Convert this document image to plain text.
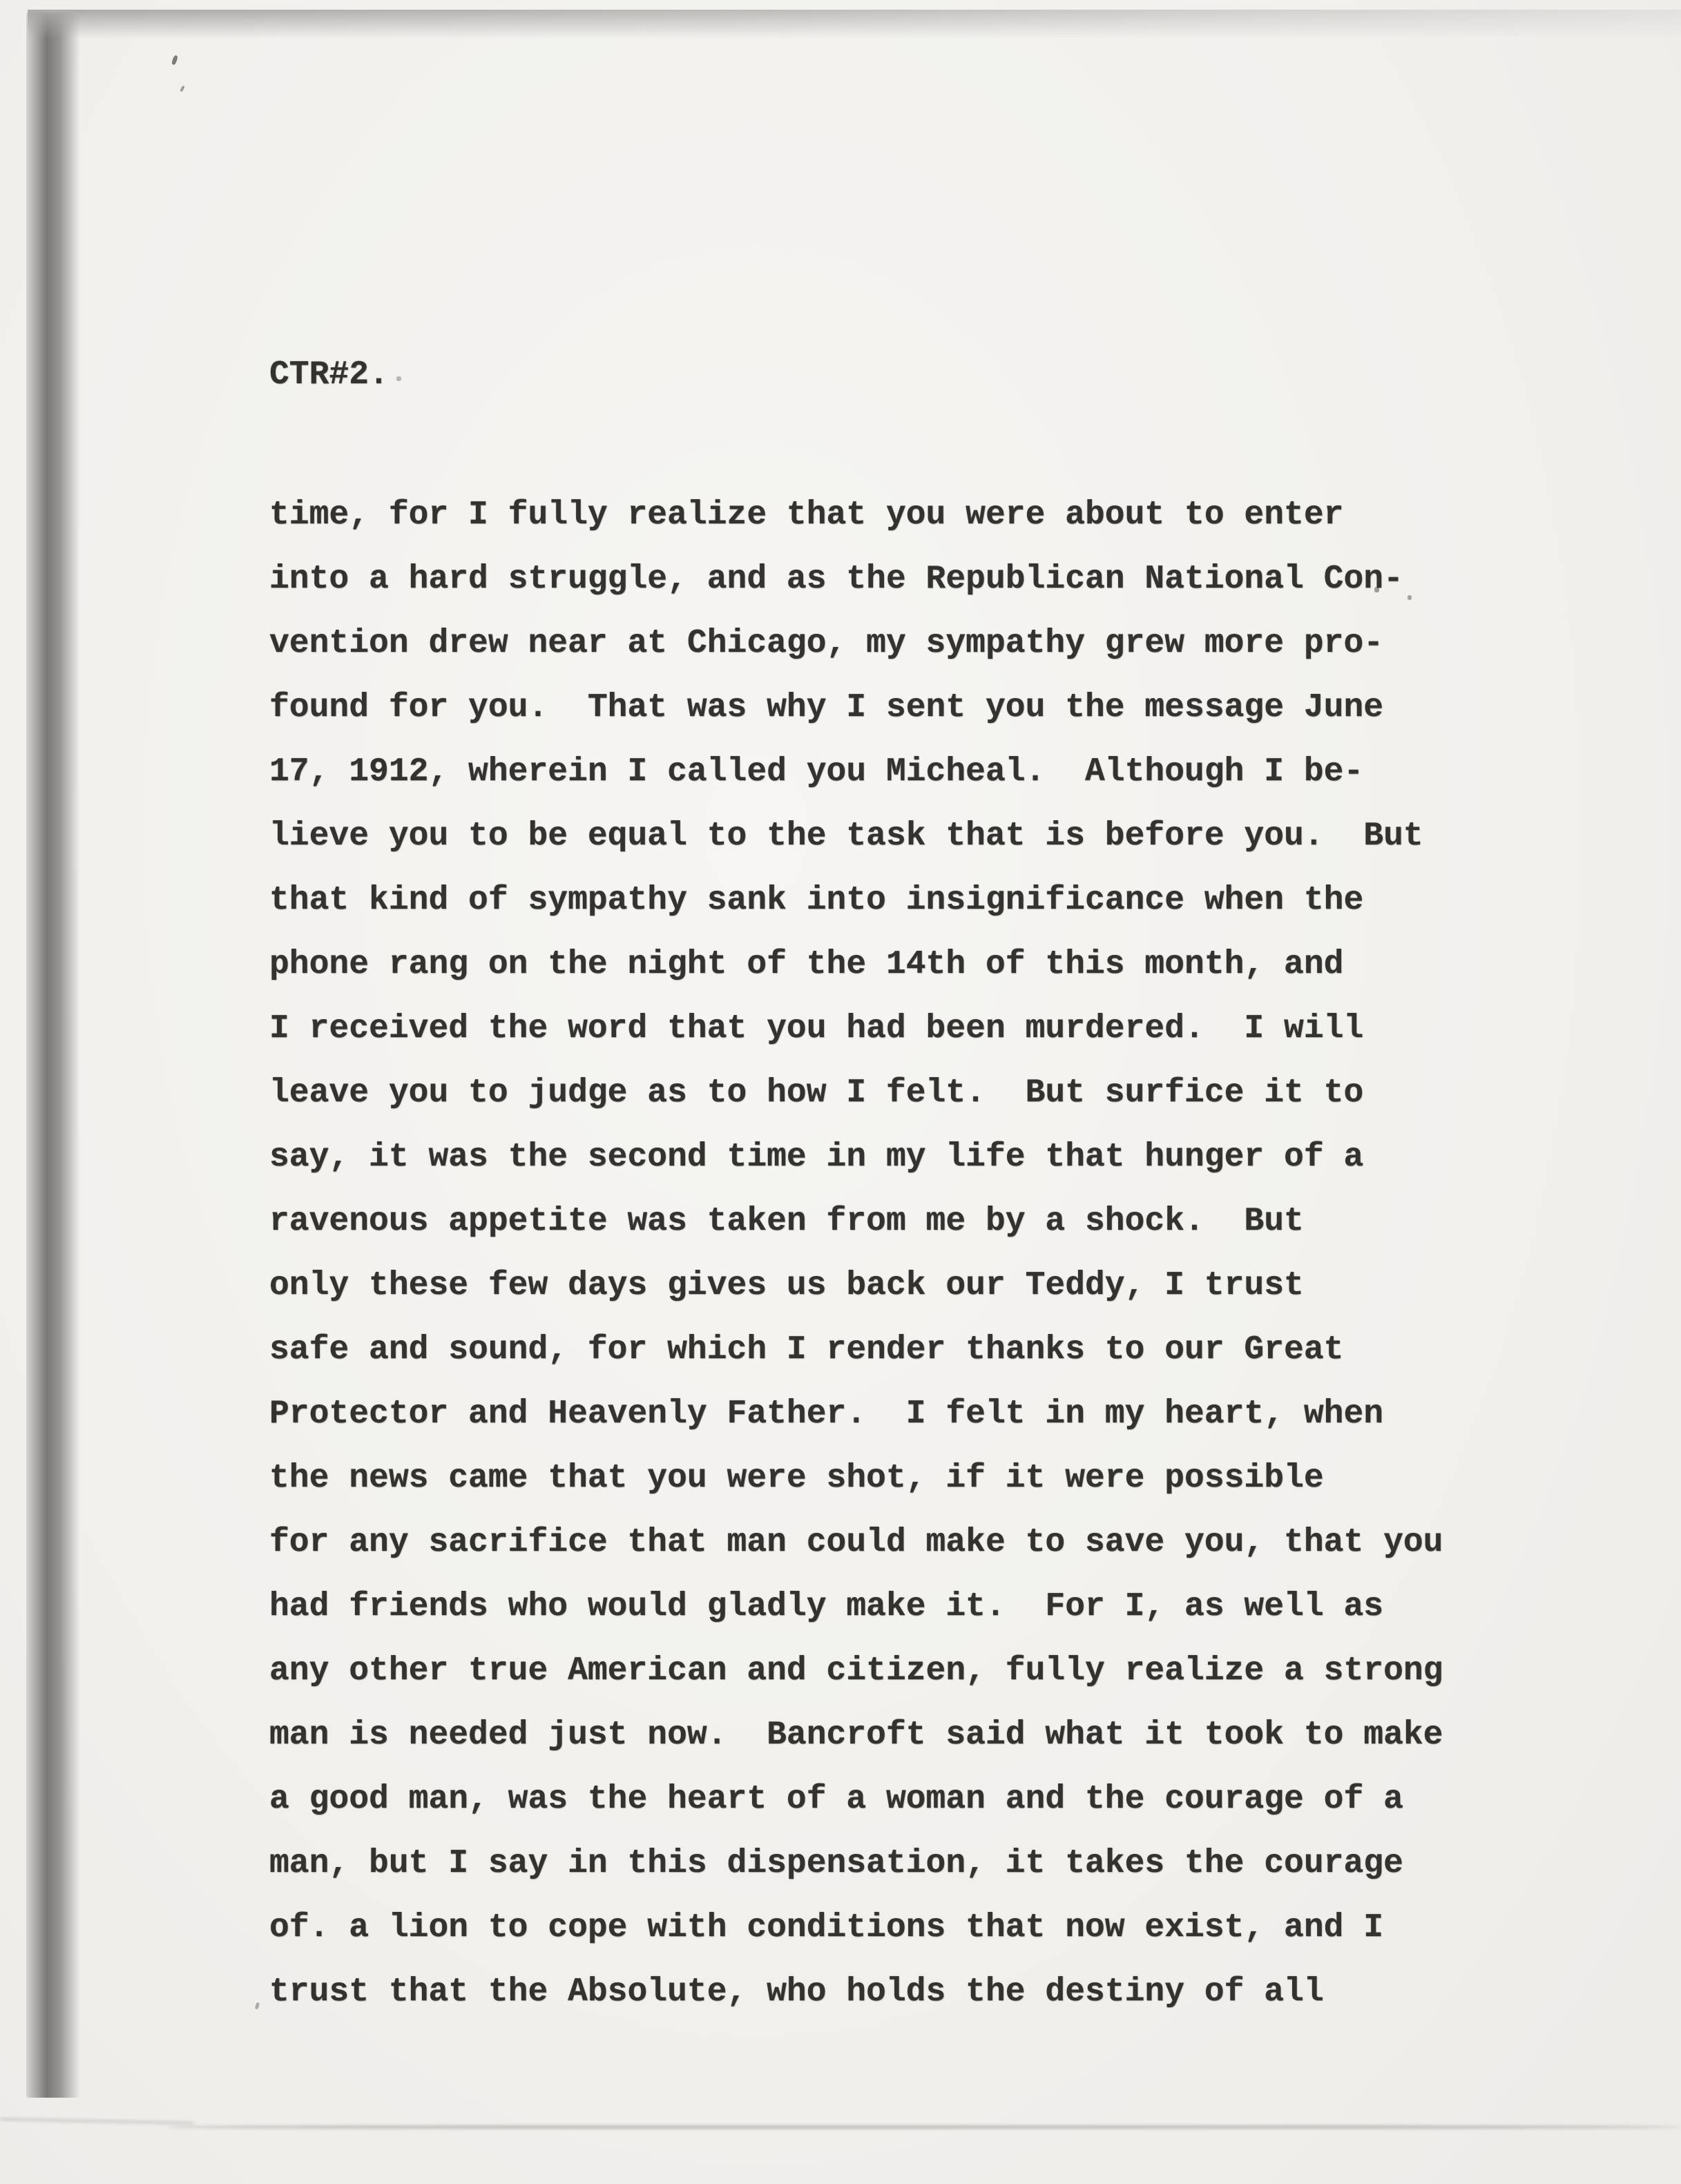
CTR#2.
time, for I fully realize that you were about to enter
into a hard struggle, and as the Republican National Con-
vention drew near at Chicago, my sympathy grew more pro-
found for you.  That was why I sent you the message June
17, 1912, wherein I called you Micheal.  Although I be-
lieve you to be equal to the task that is before you.  But
that kind of sympathy sank into insignificance when the
phone rang on the night of the 14th of this month, and
I received the word that you had been murdered.  I will
leave you to judge as to how I felt.  But surfice it to
say, it was the second time in my life that hunger of a
ravenous appetite was taken from me by a shock.  But
only these few days gives us back our Teddy, I trust
safe and sound, for which I render thanks to our Great
Protector and Heavenly Father.  I felt in my heart, when
the news came that you were shot, if it were possible
for any sacrifice that man could make to save you, that you
had friends who would gladly make it.  For I, as well as
any other true American and citizen, fully realize a strong
man is needed just now.  Bancroft said what it took to make
a good man, was the heart of a woman and the courage of a
man, but I say in this dispensation, it takes the courage
of. a lion to cope with conditions that now exist, and I
trust that the Absolute, who holds the destiny of all
